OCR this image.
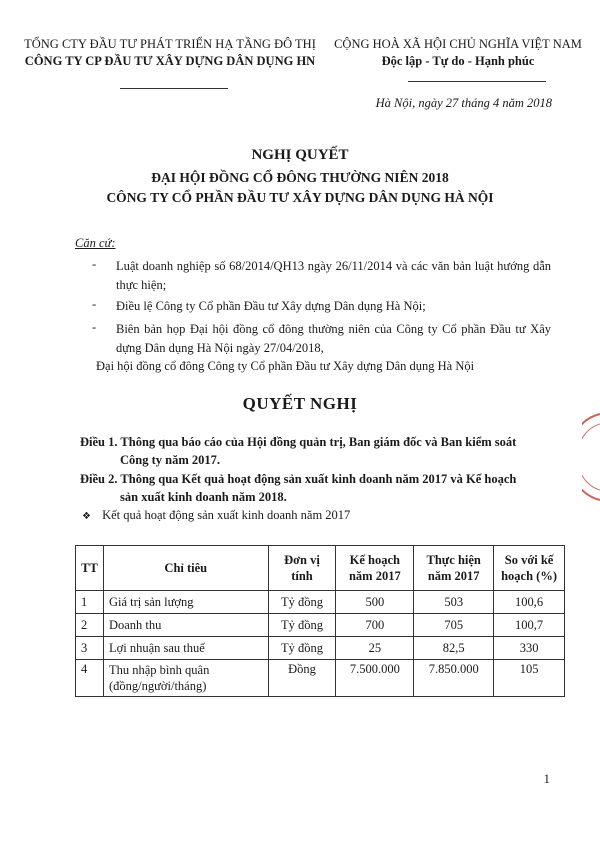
TỔNG CTY ĐẦU TƯ PHÁT TRIỂN HẠ TẦNG ĐÔ THỊ
CÔNG TY CP ĐẦU TƯ XÂY DỰNG DÂN DỤNG HN
CỘNG HOÀ XÃ HỘI CHỦ NGHĨA VIỆT NAM
Độc lập - Tự do - Hạnh phúc
Hà Nội, ngày 27 tháng 4 năm 2018
NGHỊ QUYẾT
ĐẠI HỘI ĐỒNG CỔ ĐÔNG THƯỜNG NIÊN 2018
CÔNG TY CỔ PHẦN ĐẦU TƯ XÂY DỰNG DÂN DỤNG HÀ NỘI
Căn cứ:
- Luật doanh nghiệp số 68/2014/QH13 ngày 26/11/2014 và các văn bản luật hướng dẫn thực hiện;
- Điều lệ Công ty Cổ phần Đầu tư Xây dựng Dân dụng Hà Nội;
- Biên bản họp Đại hội đồng cổ đông thường niên của Công ty Cổ phần Đầu tư Xây dựng Dân dụng Hà Nội ngày 27/04/2018,
Đại hội đồng cổ đông Công ty Cổ phần Đầu tư Xây dựng Dân dụng Hà Nội
QUYẾT NGHỊ
Điều 1. Thông qua báo cáo của Hội đồng quản trị, Ban giám đốc và Ban kiểm soát
Công ty năm 2017.
Điều 2. Thông qua Kết quả hoạt động sản xuất kinh doanh năm 2017 và Kế hoạch
sản xuất kinh doanh năm 2018.
❖ Kết quả hoạt động sản xuất kinh doanh năm 2017
TT	Chỉ tiêu	Đơn vị tính	Kế hoạch năm 2017	Thực hiện năm 2017	So với kế hoạch (%)
1	Giá trị sản lượng	Tỷ đồng	500	503	100,6
2	Doanh thu	Tỷ đồng	700	705	100,7
3	Lợi nhuận sau thuế	Tỷ đồng	25	82,5	330
4	Thu nhập bình quân (đồng/người/tháng)	Đồng	7.500.000	7.850.000	105
1
